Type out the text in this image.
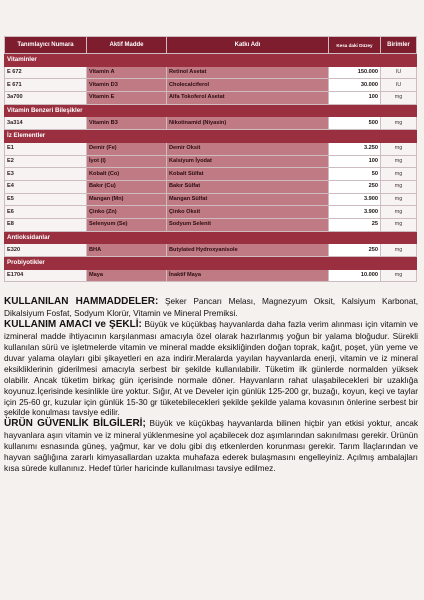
Tanımlayıcı Numara	Aktif Madde	Katkı Adı	Kesa daki Düzey	Birimler
Vitaminler				
E 672	Vitamin A	Retinol Asetat	150.000	IU
E 671	Vitamin D3	Cholecalciferol	30.000	IU
3a700	Vitamin E	Alfa Tokoferol Asetat	100	mg
Vitamin Benzeri Bileşikler				
3a314	Vitamin B3	Nikotinamid (Niyasin)	500	mg
İz Elementler				
E1	Demir (Fe)	Demir Oksit	3.250	mg
E2	İyot (I)	Kalsiyum İyodat	100	mg
E3	Kobalt (Co)	Kobalt Sülfat	50	mg
E4	Bakır (Cu)	Bakır Sülfat	250	mg
E5	Mangan (Mn)	Mangan Sülfat	3.900	mg
E6	Çinko (Zn)	Çinko Oksit	3.900	mg
E8	Selenyum (Se)	Sodyum Selenit	25	mg
Antioksidanlar				
E320	BHA	Butylated Hydroxyanisole	250	mg
Probiyotikler				
E1704	Maya	İnaktif Maya	10.000	mg

KULLANILAN HAMMADDELER: Şeker Pancarı Melası, Magnezyum Oksit, Kalsiyum Karbonat, Dikalsiyum Fosfat, Sodyum Klorür, Vitamin ve Mineral Premiksi.

KULLANIM AMACI ve ŞEKLİ: Büyük ve küçükbaş hayvanlarda daha fazla verim alınması için vitamin ve izmineral madde ihtiyacının karşılanması amacıyla özel olarak hazırlanmış yoğun bir yalama bloğudur. Sürekli kullanılan sürü ve işletmelerde vitamin ve mineral madde eksikliğinden doğan toprak, kağıt, poşet, yün yeme ve duvar yalama olayları gibi şikayetleri en aza indirir.Meralarda yayılan hayvanlarda enerji, vitamin ve iz mineral eksikliklerinin giderilmesi amacıyla serbest bir şekilde kullanılabilir. Tüketim ilk günlerde normalden yüksek olabilir. Ancak tüketim birkaç gün içerisinde normale döner. Hayvanların rahat ulaşabilecekleri bir uzaklığa koyunuz.İçerisinde kesinlikle üre yoktur. Sığır, At ve Develer için günlük 125-200 gr, buzağı, koyun, keçi ve taylar için 25-60 gr, kuzular için günlük 15-30 gr tüketebilecekleri şekilde şekilde yalama kovasının önlerine serbest bir şekilde konulması tavsiye edilir.

ÜRÜN GÜVENLİK BİLGİLERİ; Büyük ve küçükbaş hayvanlarda bilinen hiçbir yan etkisi yoktur, ancak hayvanlara aşırı vitamin ve iz mineral yüklenmesine yol açabilecek doz aşımlarından sakınılması gerekir. Ürünün kullanımı esnasında güneş, yağmur, kar ve dolu gibi dış etkenlerden korunması gerekir. Tarım İlaçlarından ve hayvan sağlığına zararlı kimyasallardan uzakta muhafaza ederek bulaşmasını engelleyiniz. Açılmış ambalajları kısa sürede kullanınız. Hedef türler haricinde kullanılması tavsiye edilmez.
